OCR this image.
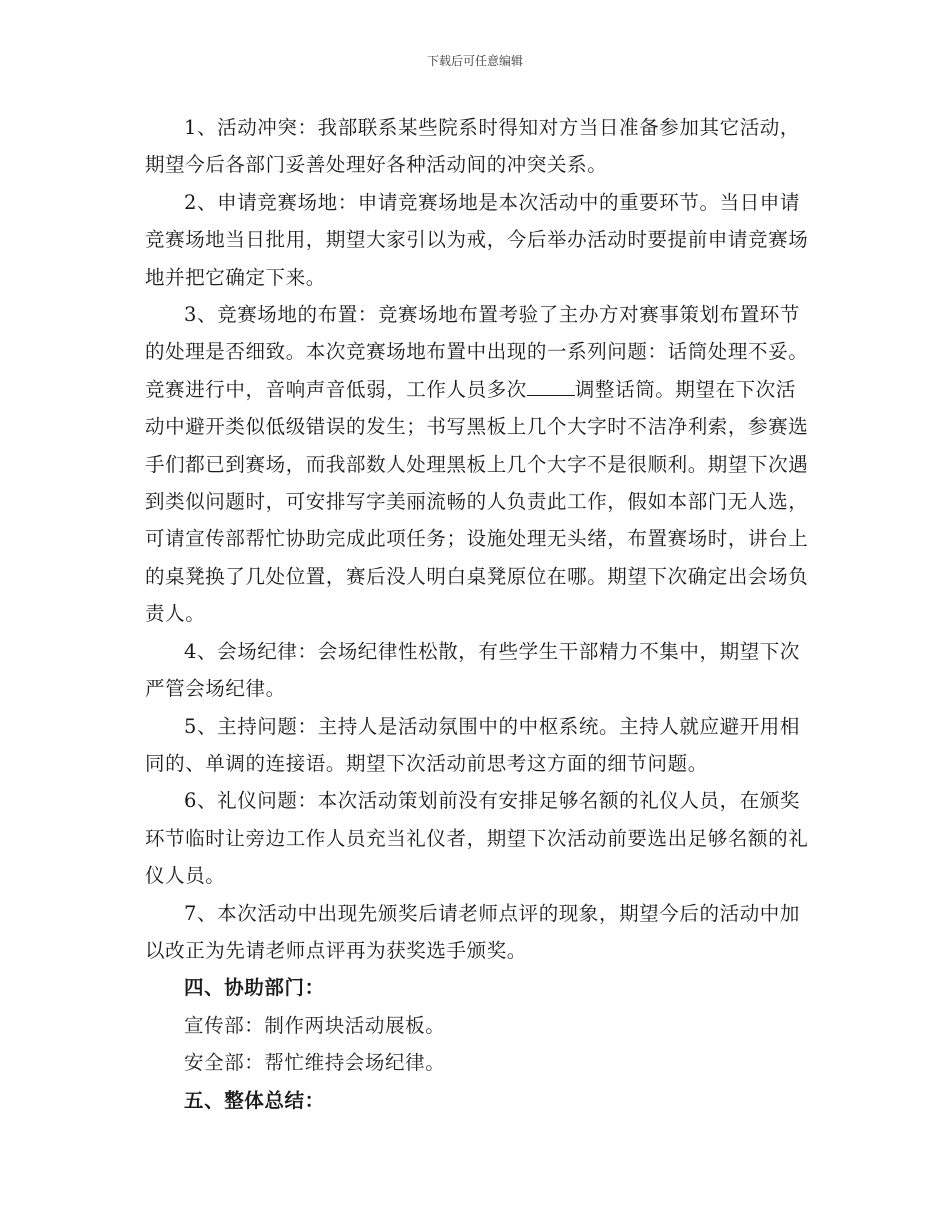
下载后可任意编辑

1、活动冲突：我部联系某些院系时得知对方当日准备参加其它活动，期望今后各部门妥善处理好各种活动间的冲突关系。

2、申请竞赛场地：申请竞赛场地是本次活动中的重要环节。当日申请竞赛场地当日批用，期望大家引以为戒，今后举办活动时要提前申请竞赛场地并把它确定下来。

3、竞赛场地的布置：竞赛场地布置考验了主办方对赛事策划布置环节的处理是否细致。本次竞赛场地布置中出现的一系列问题：话筒处理不妥。竞赛进行中，音响声音低弱，工作人员多次 调整话筒。期望在下次活动中避开类似低级错误的发生；书写黑板上几个大字时不洁净利索，参赛选手们都已到赛场，而我部数人处理黑板上几个大字不是很顺利。期望下次遇到类似问题时，可安排写字美丽流畅的人负责此工作，假如本部门无人选，可请宣传部帮忙协助完成此项任务；设施处理无头绪，布置赛场时，讲台上的桌凳换了几处位置，赛后没人明白桌凳原位在哪。期望下次确定出会场负责人。

4、会场纪律：会场纪律性松散，有些学生干部精力不集中，期望下次严管会场纪律。

5、主持问题：主持人是活动氛围中的中枢系统。主持人就应避开用相同的、单调的连接语。期望下次活动前思考这方面的细节问题。

6、礼仪问题：本次活动策划前没有安排足够名额的礼仪人员，在颁奖环节临时让旁边工作人员充当礼仪者，期望下次活动前要选出足够名额的礼仪人员。

7、本次活动中出现先颁奖后请老师点评的现象，期望今后的活动中加以改正为先请老师点评再为获奖选手颁奖。

四、协助部门：

宣传部：制作两块活动展板。

安全部：帮忙维持会场纪律。

五、整体总结：
